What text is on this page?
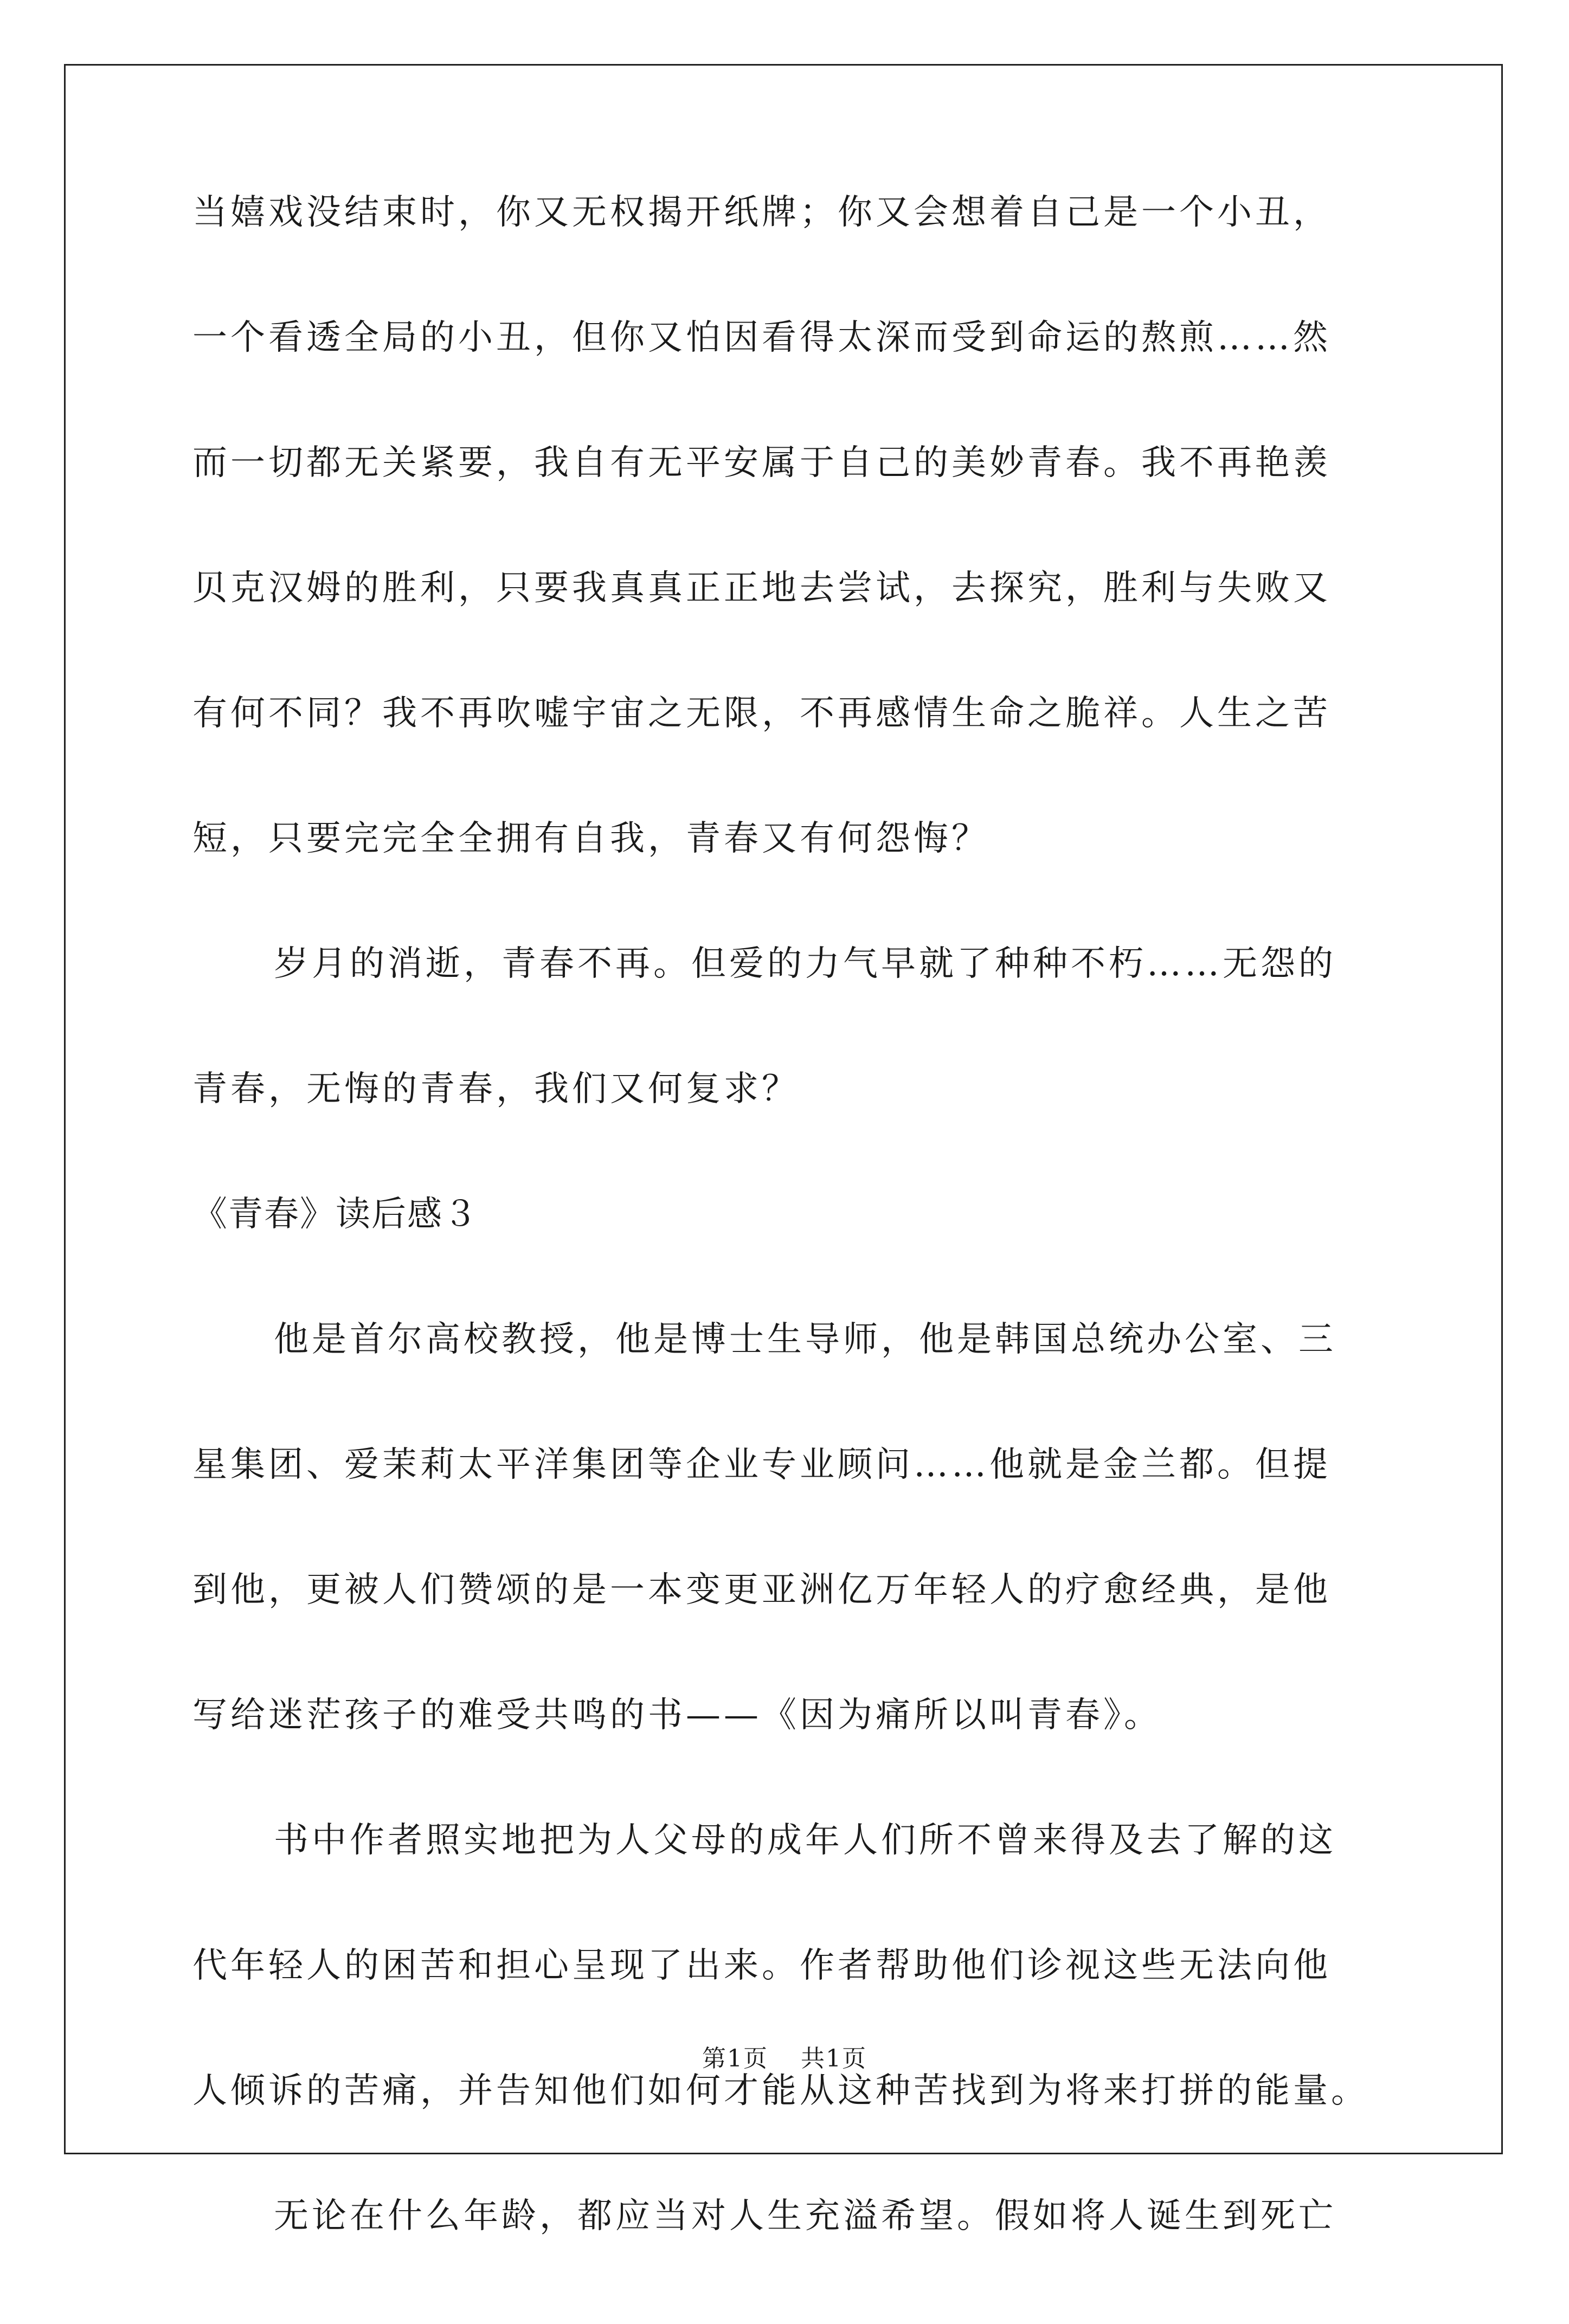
当嬉戏没结束时，你又无权揭开纸牌；你又会想着自己是一个小丑，
一个看透全局的小丑，但你又怕因看得太深而受到命运的熬煎……然
而一切都无关紧要，我自有无平安属于自己的美妙青春。我不再艳羡
贝克汉姆的胜利，只要我真真正正地去尝试，去探究，胜利与失败又
有何不同？我不再吹嘘宇宙之无限，不再感情生命之脆祥。人生之苦
短，只要完完全全拥有自我，青春又有何怨悔？
岁月的消逝，青春不再。但爱的力气早就了种种不朽……无怨的
青春，无悔的青春，我们又何复求？
《青春》读后感３
他是首尔高校教授，他是博士生导师，他是韩国总统办公室、三
星集团、爱茉莉太平洋集团等企业专业顾问……他就是金兰都。但提
到他，更被人们赞颂的是一本变更亚洲亿万年轻人的疗愈经典，是他
写给迷茫孩子的难受共鸣的书——《因为痛所以叫青春》。
书中作者照实地把为人父母的成年人们所不曾来得及去了解的这
代年轻人的困苦和担心呈现了出来。作者帮助他们诊视这些无法向他
人倾诉的苦痛，并告知他们如何才能从这种苦找到为将来打拼的能量。
无论在什么年龄，都应当对人生充溢希望。假如将人诞生到死亡
第1页 共1页
